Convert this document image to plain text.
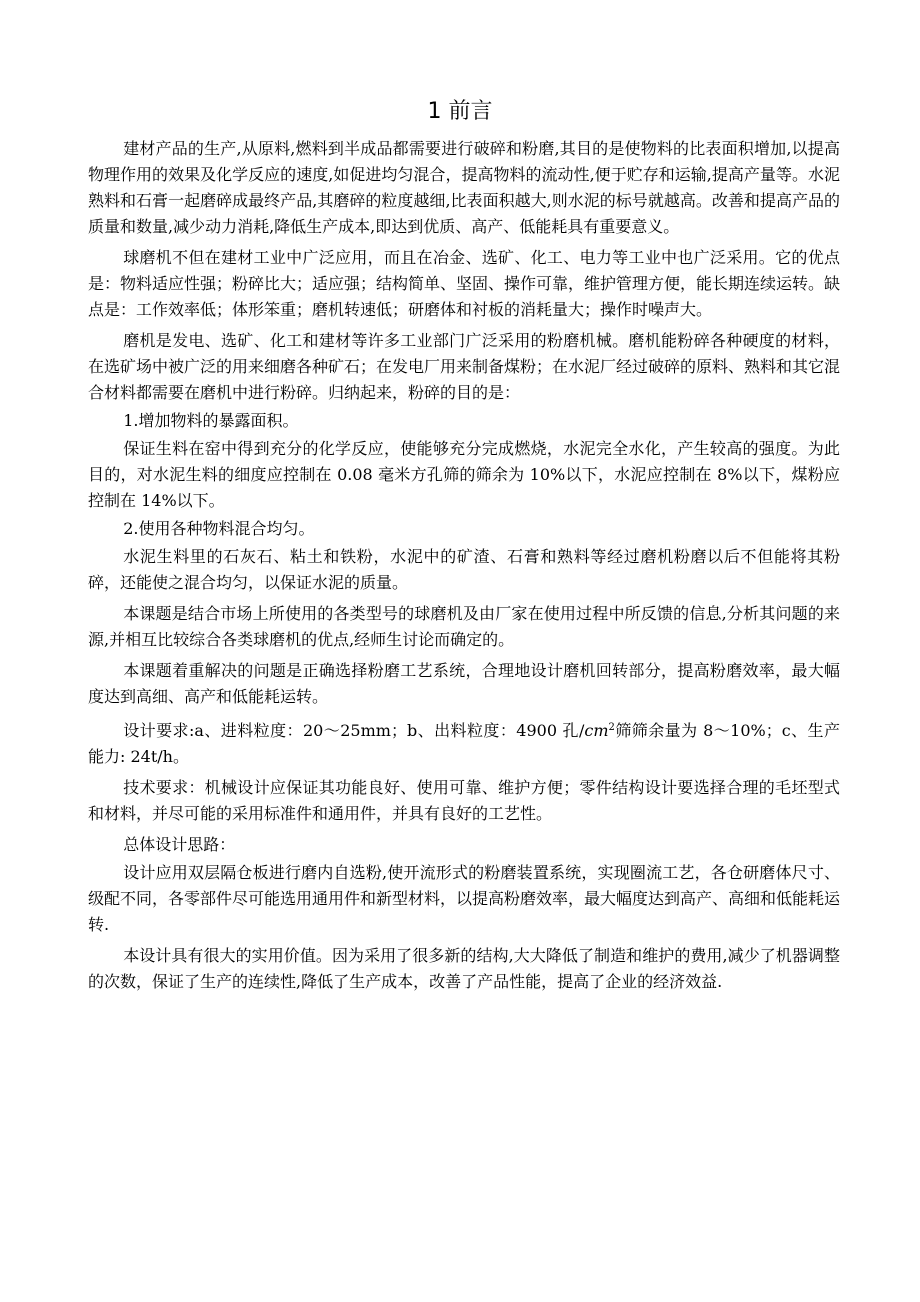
1 前言

建材产品的生产,从原料,燃料到半成品都需要进行破碎和粉磨,其目的是使物料的比表面积增加,以提高物理作用的效果及化学反应的速度,如促进均匀混合，提高物料的流动性,便于贮存和运输,提高产量等。水泥熟料和石膏一起磨碎成最终产品,其磨碎的粒度越细,比表面积越大,则水泥的标号就越高。改善和提高产品的质量和数量,减少动力消耗,降低生产成本,即达到优质、高产、低能耗具有重要意义。

球磨机不但在建材工业中广泛应用，而且在冶金、选矿、化工、电力等工业中也广泛采用。它的优点是：物料适应性强；粉碎比大；适应强；结构简单、坚固、操作可靠，维护管理方便，能长期连续运转。缺点是：工作效率低；体形笨重；磨机转速低；研磨体和衬板的消耗量大；操作时噪声大。

磨机是发电、选矿、化工和建材等许多工业部门广泛采用的粉磨机械。磨机能粉碎各种硬度的材料，在选矿场中被广泛的用来细磨各种矿石；在发电厂用来制备煤粉；在水泥厂经过破碎的原料、熟料和其它混合材料都需要在磨机中进行粉碎。归纳起来，粉碎的目的是：

1.增加物料的暴露面积。

保证生料在窑中得到充分的化学反应，使能够充分完成燃烧，水泥完全水化，产生较高的强度。为此目的，对水泥生料的细度应控制在 0.08 毫米方孔筛的筛余为 10%以下，水泥应控制在 8%以下，煤粉应控制在 14%以下。

2.使用各种物料混合均匀。

水泥生料里的石灰石、粘土和铁粉，水泥中的矿渣、石膏和熟料等经过磨机粉磨以后不但能将其粉碎，还能使之混合均匀，以保证水泥的质量。

本课题是结合市场上所使用的各类型号的球磨机及由厂家在使用过程中所反馈的信息,分析其问题的来源,并相互比较综合各类球磨机的优点,经师生讨论而确定的。

本课题着重解决的问题是正确选择粉磨工艺系统，合理地设计磨机回转部分，提高粉磨效率，最大幅度达到高细、高产和低能耗运转。

设计要求:a、进料粒度：20～25mm；b、出料粒度：4900 孔$/cm^2$筛筛余量为 8～10%；c、生产能力: 24t/h。

技术要求：机械设计应保证其功能良好、使用可靠、维护方便；零件结构设计要选择合理的毛坯型式和材料，并尽可能的采用标准件和通用件，并具有良好的工艺性。

总体设计思路：

设计应用双层隔仓板进行磨内自选粉,使开流形式的粉磨装置系统，实现圈流工艺，各仓研磨体尺寸、级配不同，各零部件尽可能选用通用件和新型材料，以提高粉磨效率，最大幅度达到高产、高细和低能耗运转.

本设计具有很大的实用价值。因为采用了很多新的结构,大大降低了制造和维护的费用,减少了机器调整的次数，保证了生产的连续性,降低了生产成本，改善了产品性能，提高了企业的经济效益.
